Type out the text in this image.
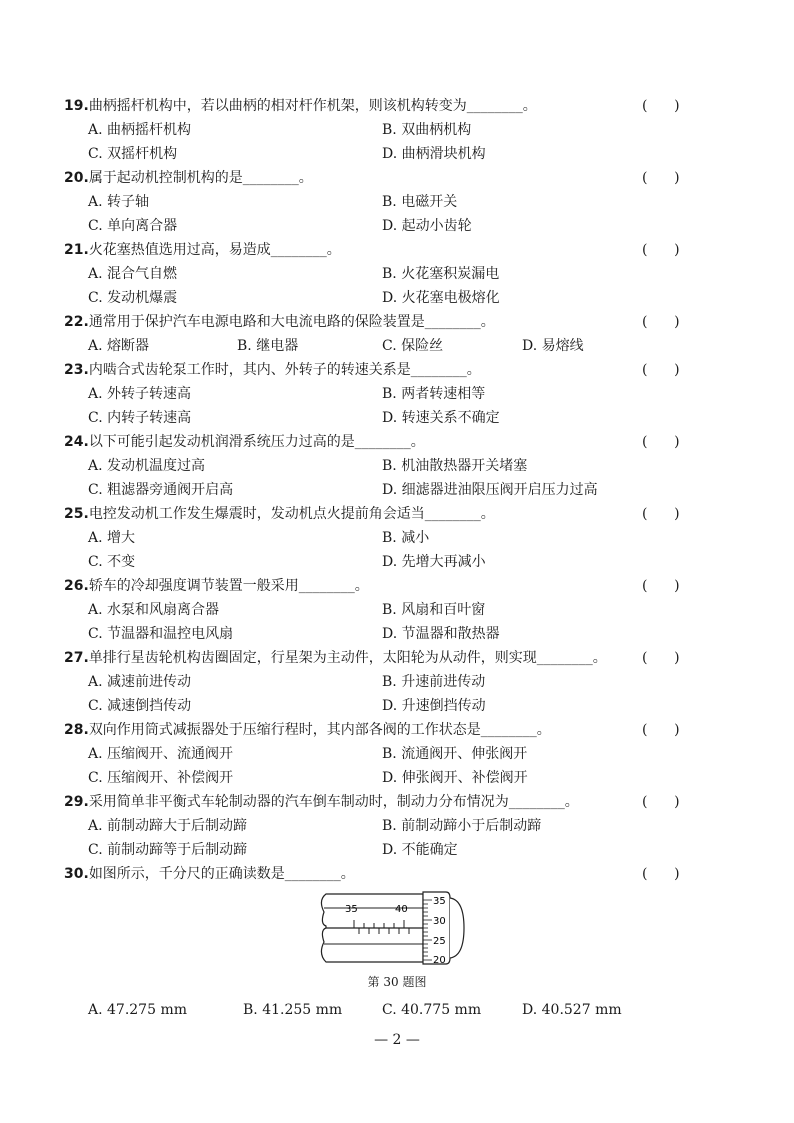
19.曲柄摇杆机构中，若以曲柄的相对杆作机架，则该机构转变为________。	(      )
A. 曲柄摇杆机构	B. 双曲柄机构
C. 双摇杆机构	D. 曲柄滑块机构
20.属于起动机控制机构的是________。	(      )
A. 转子轴	B. 电磁开关
C. 单向离合器	D. 起动小齿轮
21.火花塞热值选用过高，易造成________。	(      )
A. 混合气自燃	B. 火花塞积炭漏电
C. 发动机爆震	D. 火花塞电极熔化
22.通常用于保护汽车电源电路和大电流电路的保险装置是________。	(      )
A. 熔断器	B. 继电器	C. 保险丝	D. 易熔线
23.内啮合式齿轮泵工作时，其内、外转子的转速关系是________。	(      )
A. 外转子转速高	B. 两者转速相等
C. 内转子转速高	D. 转速关系不确定
24.以下可能引起发动机润滑系统压力过高的是________。	(      )
A. 发动机温度过高	B. 机油散热器开关堵塞
C. 粗滤器旁通阀开启高	D. 细滤器进油限压阀开启压力过高
25.电控发动机工作发生爆震时，发动机点火提前角会适当________。	(      )
A. 增大	B. 减小
C. 不变	D. 先增大再减小
26.轿车的冷却强度调节装置一般采用________。	(      )
A. 水泵和风扇离合器	B. 风扇和百叶窗
C. 节温器和温控电风扇	D. 节温器和散热器
27.单排行星齿轮机构齿圈固定，行星架为主动件，太阳轮为从动件，则实现________。	(      )
A. 减速前进传动	B. 升速前进传动
C. 减速倒挡传动	D. 升速倒挡传动
28.双向作用筒式减振器处于压缩行程时，其内部各阀的工作状态是________。	(      )
A. 压缩阀开、流通阀开	B. 流通阀开、伸张阀开
C. 压缩阀开、补偿阀开	D. 伸张阀开、补偿阀开
29.采用简单非平衡式车轮制动器的汽车倒车制动时，制动力分布情况为________。	(      )
A. 前制动蹄大于后制动蹄	B. 前制动蹄小于后制动蹄
C. 前制动蹄等于后制动蹄	D. 不能确定
30.如图所示，千分尺的正确读数是________。	(      )
35	40
35
30
25
20
第 30 题图
A. 47.275 mm	B. 41.255 mm	C. 40.775 mm	D. 40.527 mm
— 2 —
